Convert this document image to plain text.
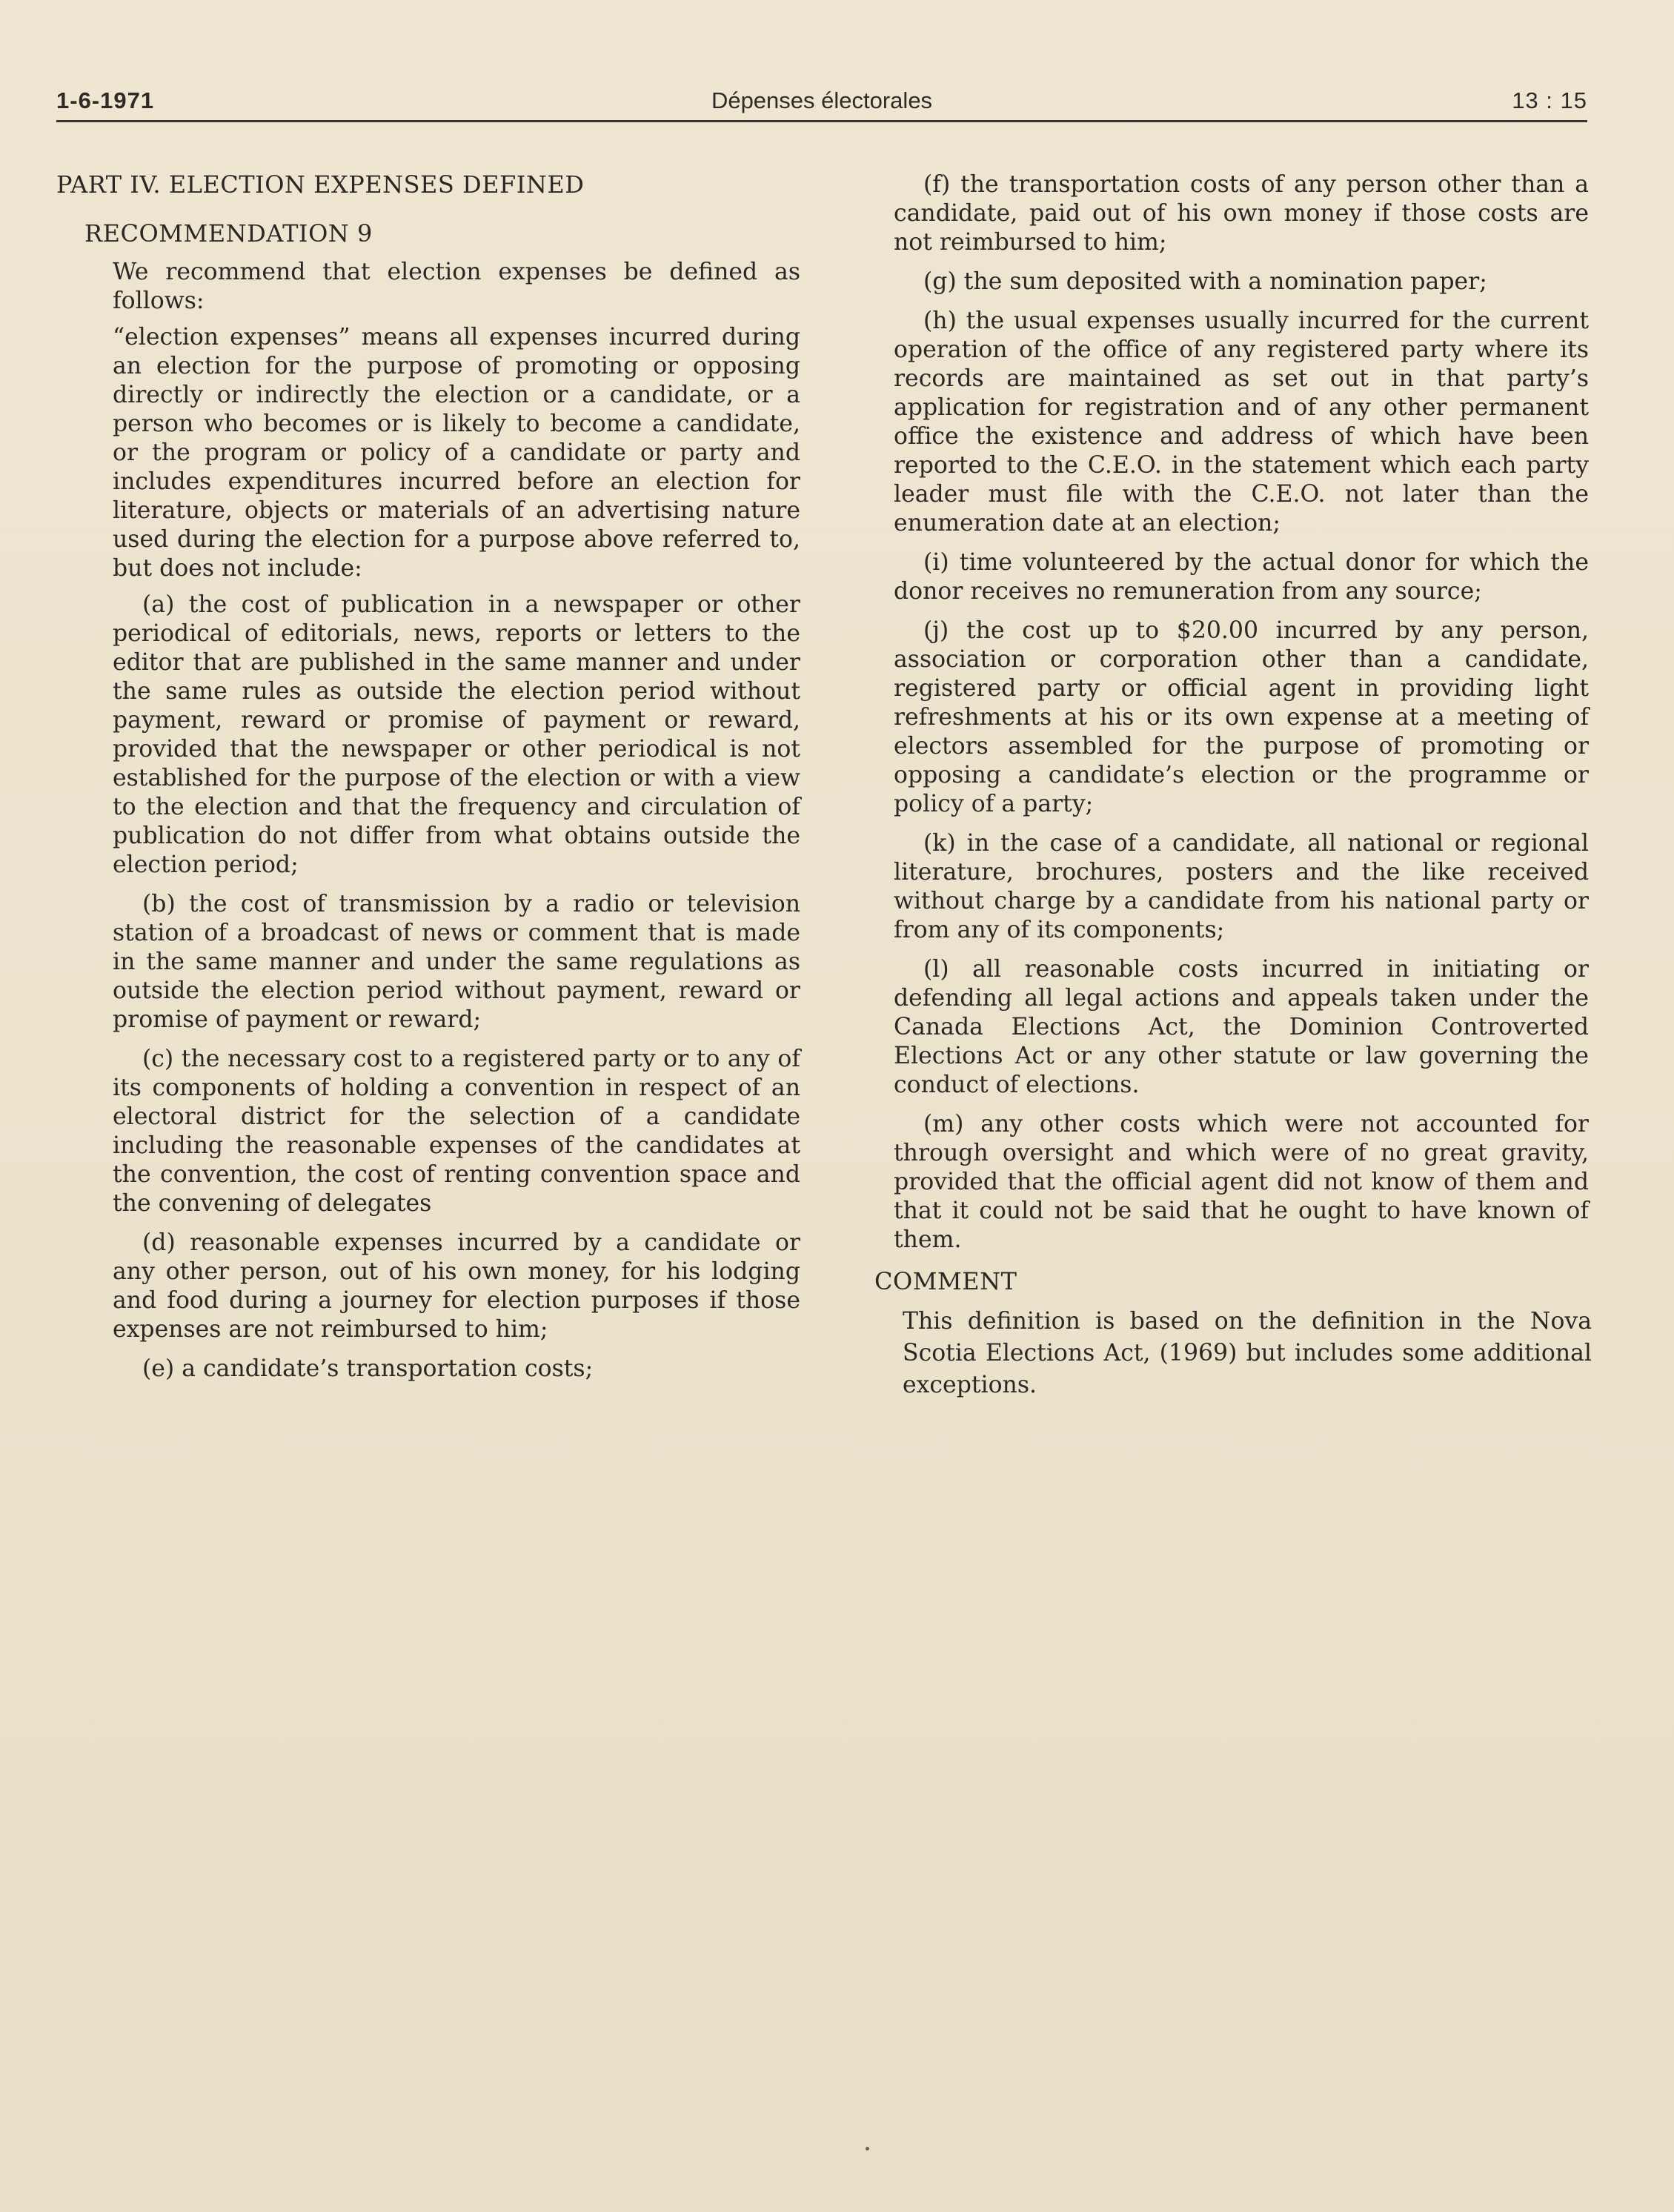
1-6-1971	Dépenses électorales	13 : 15
PART IV. ELECTION EXPENSES DEFINED
RECOMMENDATION 9

We recommend that election expenses be defined as follows:

“election expenses” means all expenses incurred during an election for the purpose of promoting or opposing directly or indirectly the election or a candidate, or a person who becomes or is likely to become a candidate, or the program or policy of a candidate or party and includes expenditures incurred before an election for literature, objects or materials of an advertising nature used during the election for a purpose above referred to, but does not include:

(a) the cost of publication in a newspaper or other periodical of editorials, news, reports or letters to the editor that are published in the same manner and under the same rules as outside the election period without payment, reward or promise of payment or reward, provided that the newspaper or other periodical is not established for the purpose of the election or with a view to the election and that the frequency and circulation of publication do not differ from what obtains outside the election period;

(b) the cost of transmission by a radio or television station of a broadcast of news or comment that is made in the same manner and under the same regulations as outside the election period without payment, reward or promise of payment or reward;

(c) the necessary cost to a registered party or to any of its components of holding a convention in respect of an electoral district for the selection of a candidate including the reasonable expenses of the candidates at the convention, the cost of renting convention space and the convening of delegates

(d) reasonable expenses incurred by a candidate or any other person, out of his own money, for his lodging and food during a journey for election purposes if those expenses are not reimbursed to him;

(e) a candidate’s transportation costs;

(f) the transportation costs of any person other than a candidate, paid out of his own money if those costs are not reimbursed to him;

(g) the sum deposited with a nomination paper;

(h) the usual expenses usually incurred for the current operation of the office of any registered party where its records are maintained as set out in that party’s application for registration and of any other permanent office the existence and address of which have been reported to the C.E.O. in the statement which each party leader must file with the C.E.O. not later than the enumeration date at an election;

(i) time volunteered by the actual donor for which the donor receives no remuneration from any source;

(j) the cost up to $20.00 incurred by any person, association or corporation other than a candidate, registered party or official agent in providing light refreshments at his or its own expense at a meeting of electors assembled for the purpose of promoting or opposing a candidate’s election or the programme or policy of a party;

(k) in the case of a candidate, all national or regional literature, brochures, posters and the like received without charge by a candidate from his national party or from any of its components;

(l) all reasonable costs incurred in initiating or defending all legal actions and appeals taken under the Canada Elections Act, the Dominion Controverted Elections Act or any other statute or law governing the conduct of elections.

(m) any other costs which were not accounted for through oversight and which were of no great gravity, provided that the official agent did not know of them and that it could not be said that he ought to have known of them.

COMMENT
This definition is based on the definition in the Nova Scotia Elections Act, (1969) but includes some additional exceptions.
